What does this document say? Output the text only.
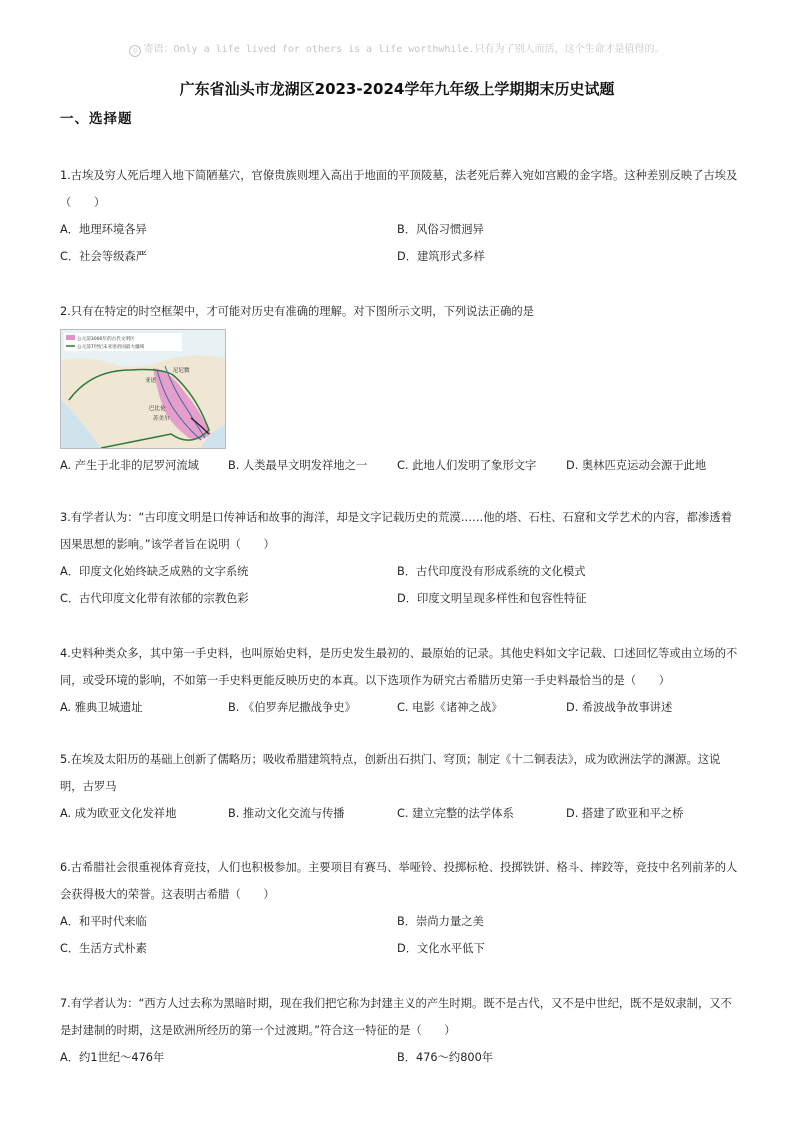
☺ 寄语：Only a life lived for others is a life worthwhile.只有为了别人而活，这个生命才是值得的。
广东省汕头市龙湖区2023-2024学年九年级上学期期末历史试题
一、选择题

1.古埃及穷人死后埋入地下简陋墓穴，官僚贵族则埋入高出于地面的平顶陵墓，法老死后葬入宛如宫殿的金字塔。这种差别反映了古埃及（　　）

A．地理环境各异	B．风俗习惯迥异
C．社会等级森严	D．建筑形式多样

2.只有在特定的时空框架中，才可能对历史有准确的理解。对下图所示文明，下列说法正确的是

公元前3000年的古代文明区
公元前7世纪末亚述帝国最大疆域
尼尼微
亚述
巴比伦
苏美尔
A. 产生于北非的尼罗河流域	B. 人类最早文明发祥地之一	C. 此地人们发明了象形文字	D. 奥林匹克运动会源于此地

3.有学者认为：“古印度文明是口传神话和故事的海洋，却是文字记载历史的荒漠……他的塔、石柱、石窟和文学艺术的内容，都渗透着因果思想的影响。”该学者旨在说明（　　）

A．印度文化始终缺乏成熟的文字系统	B．古代印度没有形成系统的文化模式
C．古代印度文化带有浓郁的宗教色彩	D．印度文明呈现多样性和包容性特征

4.史料种类众多，其中第一手史料，也叫原始史料，是历史发生最初的、最原始的记录。其他史料如文字记载、口述回忆等或由立场的不同，或受环境的影响，不如第一手史料更能反映历史的本真。以下选项作为研究古希腊历史第一手史料最恰当的是（　　）

A. 雅典卫城遗址	B. 《伯罗奔尼撒战争史》	C. 电影《诸神之战》	D. 希波战争故事讲述

5.在埃及太阳历的基础上创新了儒略历；吸收希腊建筑特点，创新出石拱门、穹顶；制定《十二铜表法》，成为欧洲法学的渊源。这说明，古罗马

A. 成为欧亚文化发祥地	B. 推动文化交流与传播	C. 建立完整的法学体系	D. 搭建了欧亚和平之桥

6.古希腊社会很重视体育竞技，人们也积极参加。主要项目有赛马、举哑铃、投掷标枪、投掷铁饼、格斗、摔跤等，竞技中名列前茅的人会获得极大的荣誉。这表明古希腊（　　）

A．和平时代来临	B．崇尚力量之美
C．生活方式朴素	D．文化水平低下

7.有学者认为：“西方人过去称为黑暗时期，现在我们把它称为封建主义的产生时期。既不是古代，又不是中世纪，既不是奴隶制，又不是封建制的时期，这是欧洲所经历的第一个过渡期。”符合这一特征的是（　　）

A．约1世纪～476年	B．476～约800年
